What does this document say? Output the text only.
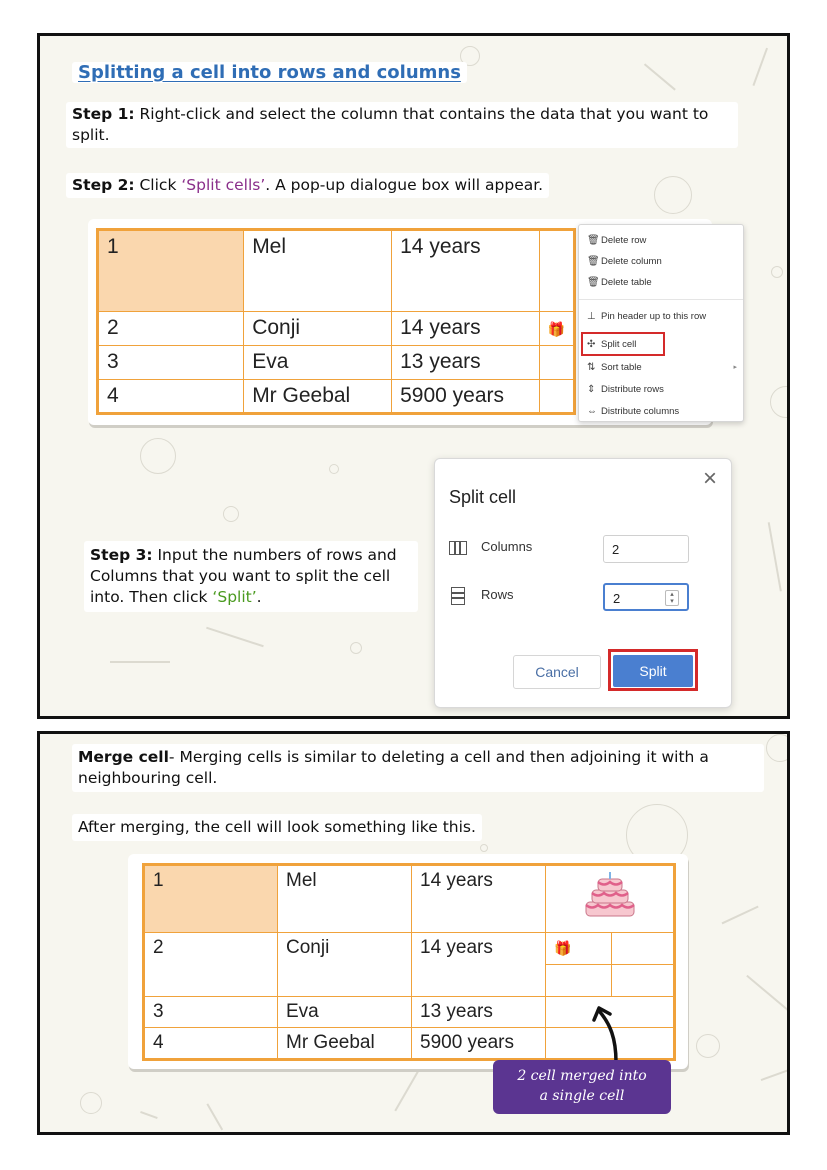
Splitting a cell into rows and columns
Step 1: Right-click and select the column that contains the data that you want to split.
Step 2: Click ‘Split cells’. A pop-up dialogue box will appear.
1	Mel	14 years	
2	Conji	14 years	🎁
3	Eva	13 years	
4	Mr Geebal	5900 years	
🗑 Delete row
🗑 Delete column
🗑 Delete table
⊥ Pin header up to this row
✣ Split cell
⇅ Sort table	▸
⇕ Distribute rows
⇔ Distribute columns
Step 3: Input the numbers of rows and Columns that you want to split the cell into. Then click ‘Split’.
×
Split cell
Columns	2
Rows	2	▴
▾
Cancel	Split
Merge cell- Merging cells is similar to deleting a cell and then adjoining it with a neighbouring cell.
After merging, the cell will look something like this.
1	Mel	14 years	
2	Conji	14 years	🎁	

3	Eva	13 years		
4	Mr Geebal	5900 years		
2 cell merged into
a single cell
